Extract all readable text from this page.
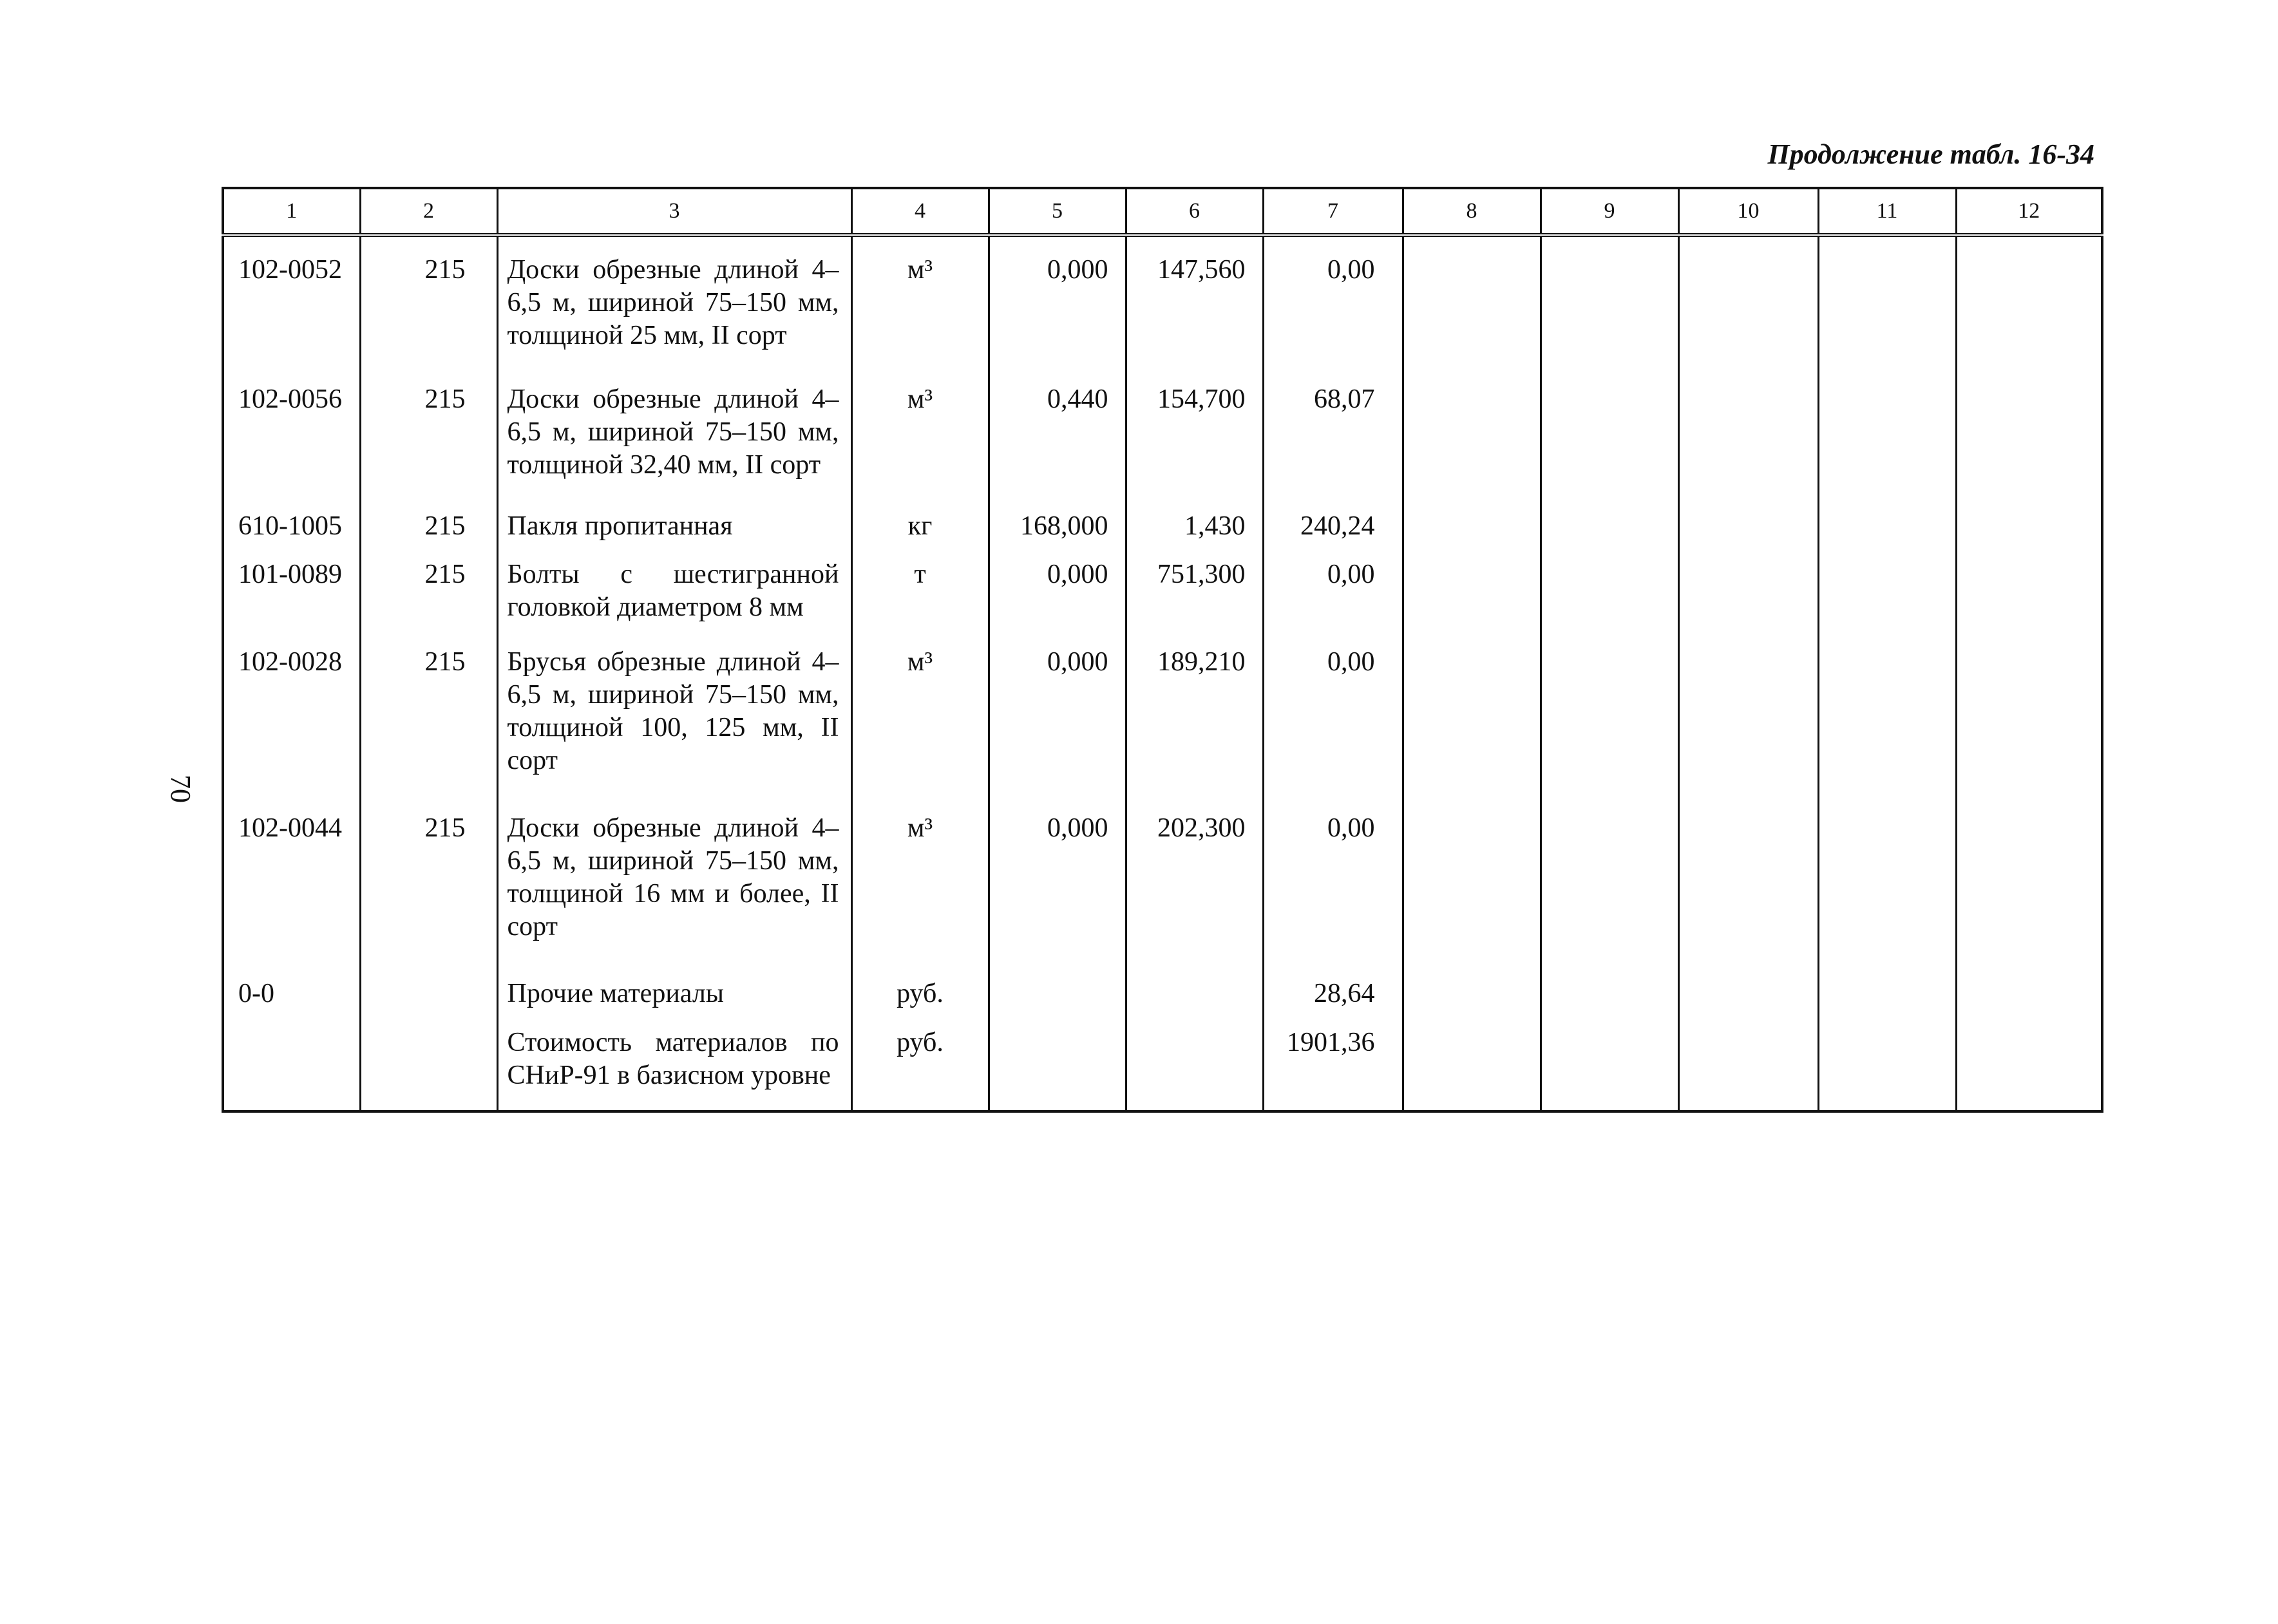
70
Продолжение табл. 16-34
1	2	3	4	5	6	7	8	9	10	11	12
102-0052	215	Доски обрезные длиной 4–6,5 м, шириной 75–150 мм, толщиной 25 мм, II сорт	м³	0,000	147,560	0,00					
102-0056	215	Доски обрезные длиной 4–6,5 м, шириной 75–150 мм, толщиной 32,40 мм, II сорт	м³	0,440	154,700	68,07					
610-1005	215	Пакля пропитанная	кг	168,000	1,430	240,24					
101-0089	215	Болты с шестигранной головкой диаметром 8 мм	т	0,000	751,300	0,00					
102-0028	215	Брусья обрезные длиной 4–6,5 м, шириной 75–150 мм, толщиной 100, 125 мм, II сорт	м³	0,000	189,210	0,00					
102-0044	215	Доски обрезные длиной 4–6,5 м, шириной 75–150 мм, толщиной 16 мм и более, II сорт	м³	0,000	202,300	0,00					
0-0		Прочие материалы	руб.			28,64					

		Стоимость материалов по СНиР-91 в базисном уровне	руб.			1901,36					
